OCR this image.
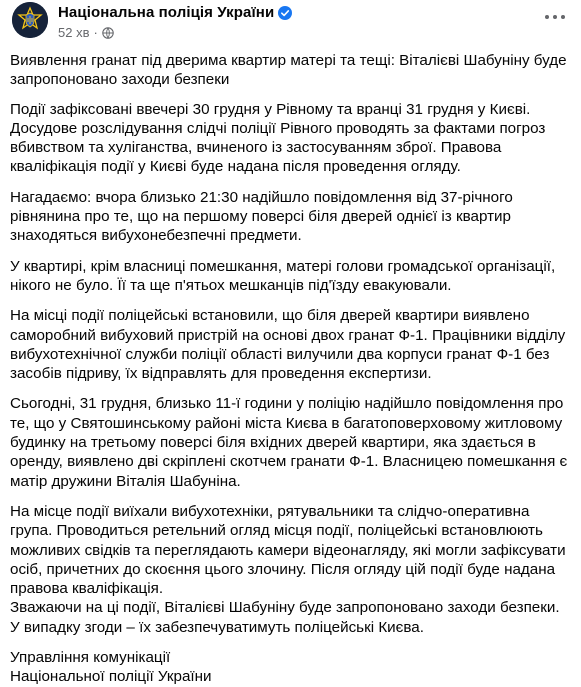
Національна поліція України
52 хв ·

Виявлення гранат під дверима квартир матері та тещі: Віталієві Шабуніну буде запропоновано заходи безпеки

Події зафіксовані ввечері 30 грудня у Рівному та вранці 31 грудня у Києві. Досудове розслідування слідчі поліції Рівного проводять за фактами погроз вбивством та хуліганства, вчиненого із застосуванням зброї. Правова кваліфікація події у Києві буде надана після проведення огляду.

Нагадаємо: вчора близько 21:30 надійшло повідомлення від 37-річного рівнянина про те, що на першому поверсі біля дверей однієї із квартир знаходяться вибухонебезпечні предмети.

У квартирі, крім власниці помешкання, матері голови громадської організації, нікого не було. Її та ще п'ятьох мешканців під'їзду евакуювали.

На місці події поліцейські встановили, що біля дверей квартири виявлено саморобний вибуховий пристрій на основі двох гранат Ф-1. Працівники відділу вибухотехнічної служби поліції області вилучили два корпуси гранат Ф-1 без засобів підриву, їх відправлять для проведення експертизи.

Сьогодні, 31 грудня, близько 11-ї години у поліцію надійшло повідомлення про те, що у Святошинському районі міста Києва в багатоповерховому житловому будинку на третьому поверсі біля вхідних дверей квартири, яка здається в оренду, виявлено дві скріплені скотчем гранати Ф-1. Власницею помешкання є матір дружини Віталія Шабуніна.

На місце події виїхали вибухотехніки, рятувальники та слідчо-оперативна група. Проводиться ретельний огляд місця події, поліцейські встановлюють можливих свідків та переглядають камери відеонагляду, які могли зафіксувати осіб, причетних до скоєння цього злочину. Після огляду цій події буде надана правова кваліфікація.

Зважаючи на ці події, Віталієві Шабуніну буде запропоновано заходи безпеки. У випадку згоди – їх забезпечуватимуть поліцейські Києва.

Управління комунікації

Національної поліції України
